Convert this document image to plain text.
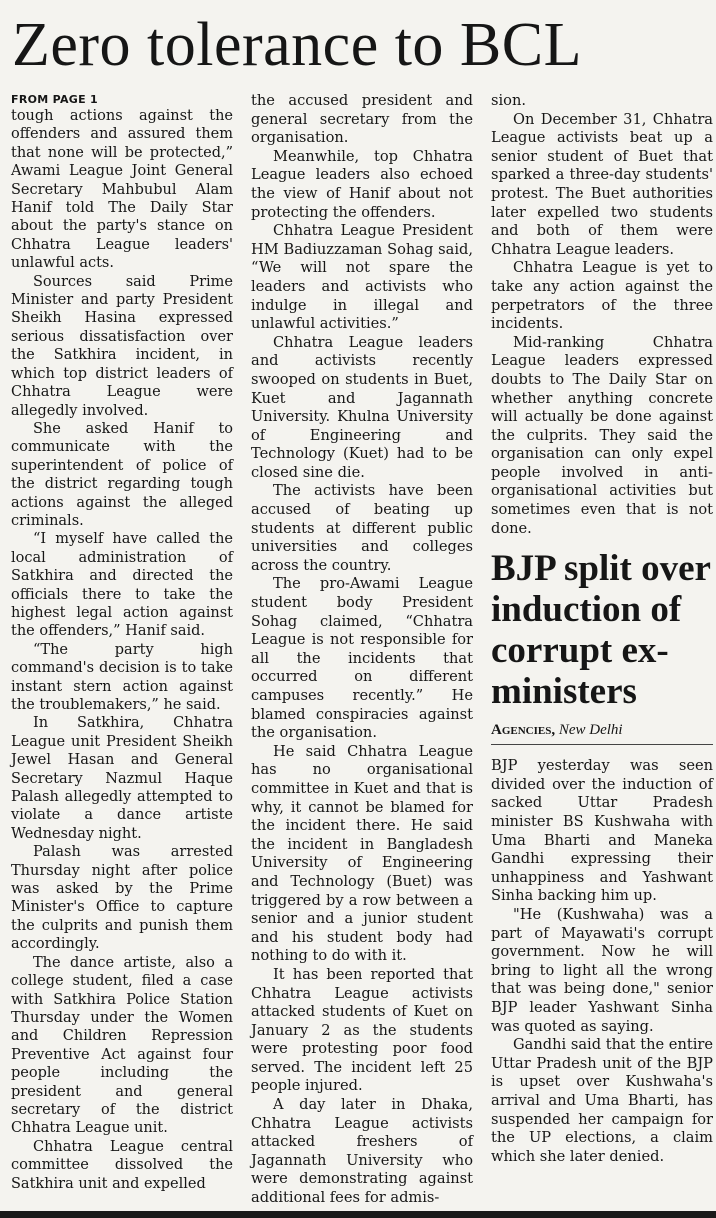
Zero tolerance to BCL
FROM PAGE 1

tough actions against the offenders and assured them that none will be protected,” Awami League Joint General Secretary Mahbubul Alam Hanif told The Daily Star about the party's stance on Chhatra League leaders' unlawful acts.

Sources said Prime Minister and party President Sheikh Hasina expressed serious dissatisfaction over the Satkhira incident, in which top district leaders of Chhatra League were allegedly involved.

She asked Hanif to communicate with the superintendent of police of the district regarding tough actions against the alleged criminals.

“I myself have called the local administration of Satkhira and directed the officials there to take the highest legal action against the offenders,” Hanif said.

“The party high command's decision is to take instant stern action against the troublemakers,” he said.

In Satkhira, Chhatra League unit President Sheikh Jewel Hasan and General Secretary Nazmul Haque Palash allegedly attempted to violate a dance artiste Wednesday night.

Palash was arrested Thursday night after police was asked by the Prime Minister's Office to capture the culprits and punish them accordingly.

The dance artiste, also a college student, filed a case with Satkhira Police Station Thursday under the Women and Children Repression Preventive Act against four people including the president and general secretary of the district Chhatra League unit.

Chhatra League central committee dissolved the Satkhira unit and expelled

the accused president and general secretary from the organisation.

Meanwhile, top Chhatra League leaders also echoed the view of Hanif about not protecting the offenders.

Chhatra League President HM Badiuzzaman Sohag said, “We will not spare the leaders and activists who indulge in illegal and unlawful activities.”

Chhatra League leaders and activists recently swooped on students in Buet, Kuet and Jagannath University. Khulna University of Engineering and Technology (Kuet) had to be closed sine die.

The activists have been accused of beating up students at different public universities and colleges across the country.

The pro-Awami League student body President Sohag claimed, “Chhatra League is not responsible for all the incidents that occurred on different campuses recently.” He blamed conspiracies against the organisation.

He said Chhatra League has no organisational committee in Kuet and that is why, it cannot be blamed for the incident there. He said the incident in Bangladesh University of Engineering and Technology (Buet) was triggered by a row between a senior and a junior student and his student body had nothing to do with it.

It has been reported that Chhatra League activists attacked students of Kuet on January 2 as the students were protesting poor food served. The incident left 25 people injured.

A day later in Dhaka, Chhatra League activists attacked freshers of Jagannath University who were demonstrating against additional fees for admis-

sion.

On December 31, Chhatra League activists beat up a senior student of Buet that sparked a three-day students' protest. The Buet authorities later expelled two students and both of them were Chhatra League leaders.

Chhatra League is yet to take any action against the perpetrators of the three incidents.

Mid-ranking Chhatra League leaders expressed doubts to The Daily Star on whether anything concrete will actually be done against the culprits. They said the organisation can only expel people involved in anti-organisational activities but sometimes even that is not done.

BJP split over induction of corrupt ex-ministers
Agencies, New Delhi

BJP yesterday was seen divided over the induction of sacked Uttar Pradesh minister BS Kushwaha with Uma Bharti and Maneka Gandhi expressing their unhappiness and Yashwant Sinha backing him up.

"He (Kushwaha) was a part of Mayawati's corrupt government. Now he will bring to light all the wrong that was being done," senior BJP leader Yashwant Sinha was quoted as saying.

Gandhi said that the entire Uttar Pradesh unit of the BJP is upset over Kushwaha's arrival and Uma Bharti, has suspended her campaign for the UP elections, a claim which she later denied.
